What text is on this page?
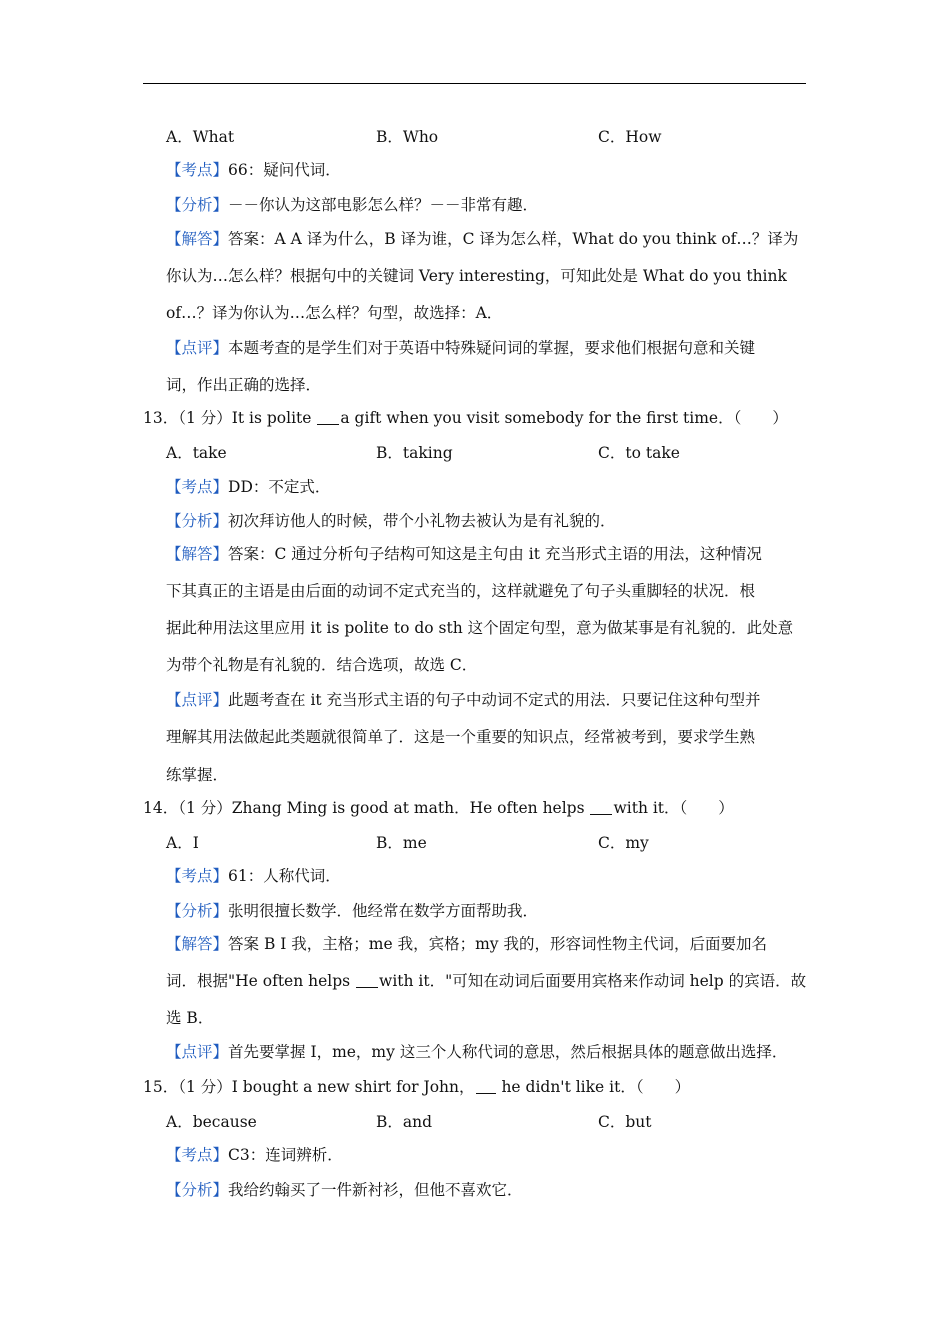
A．What	B．Who	C．How
【考点】66：疑问代词．
【分析】－－你认为这部电影怎么样？－－非常有趣．
【解答】答案：A A 译为什么，B 译为谁，C 译为怎么样，What do you think of…？译为
你认为…怎么样？根据句中的关键词 Very interesting，可知此处是 What do you think
of…？译为你认为…怎么样？句型，故选择：A．
【点评】本题考查的是学生们对于英语中特殊疑问词的掌握，要求他们根据句意和关键
词，作出正确的选择．
13．（1 分）It is polite a gift when you visit somebody for the first time．（　　）
A．take	B．taking	C．to take
【考点】DD：不定式．
【分析】初次拜访他人的时候，带个小礼物去被认为是有礼貌的．
【解答】答案：C 通过分析句子结构可知这是主句由 it 充当形式主语的用法，这种情况
下其真正的主语是由后面的动词不定式充当的，这样就避免了句子头重脚轻的状况．根
据此种用法这里应用 it is polite to do sth 这个固定句型，意为做某事是有礼貌的．此处意
为带个礼物是有礼貌的．结合选项，故选 C．
【点评】此题考查在 it 充当形式主语的句子中动词不定式的用法．只要记住这种句型并
理解其用法做起此类题就很简单了．这是一个重要的知识点，经常被考到，要求学生熟
练掌握．
14．（1 分）Zhang Ming is good at math．He often helps with it．（　　）
A．I	B．me	C．my
【考点】61：人称代词．
【分析】张明很擅长数学．他经常在数学方面帮助我．
【解答】答案 B I 我，主格；me 我，宾格；my 我的，形容词性物主代词，后面要加名
词．根据"He often helps with it．"可知在动词后面要用宾格来作动词 help 的宾语．故
选 B．
【点评】首先要掌握 I，me，my 这三个人称代词的意思，然后根据具体的题意做出选择．
15．（1 分）I bought a new shirt for John， he didn't like it．（　　）
A．because	B．and	C．but
【考点】C3：连词辨析．
【分析】我给约翰买了一件新衬衫，但他不喜欢它．
